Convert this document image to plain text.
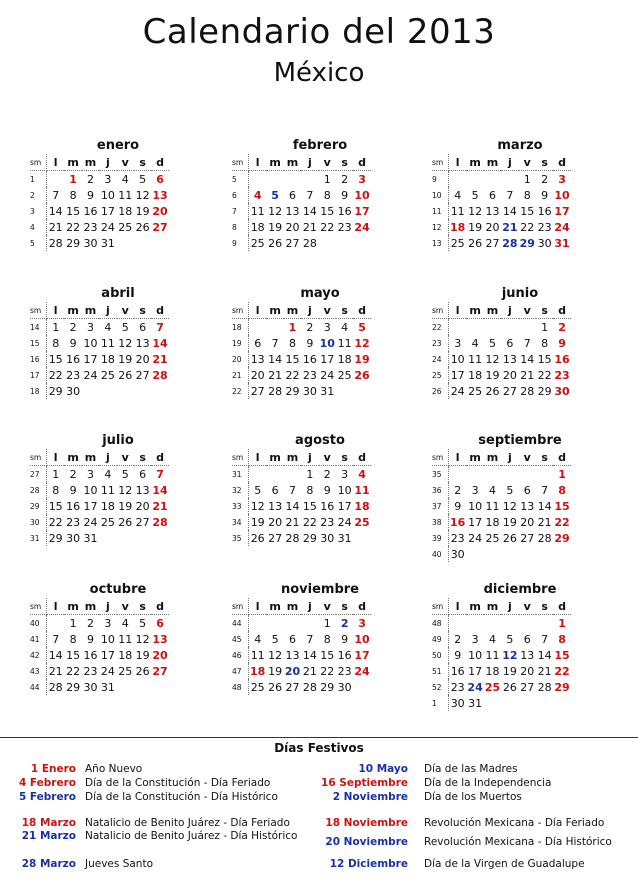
Calendario del 2013
México
enero
sm	l	m	m	j	v	s	d
1		1	2	3	4	5	6
2	7	8	9	10	11	12	13
3	14	15	16	17	18	19	20
4	21	22	23	24	25	26	27
5	28	29	30	31			
febrero
sm	l	m	m	j	v	s	d
5					1	2	3
6	4	5	6	7	8	9	10
7	11	12	13	14	15	16	17
8	18	19	20	21	22	23	24
9	25	26	27	28			
marzo
sm	l	m	m	j	v	s	d
9					1	2	3
10	4	5	6	7	8	9	10
11	11	12	13	14	15	16	17
12	18	19	20	21	22	23	24
13	25	26	27	28	29	30	31
abril
sm	l	m	m	j	v	s	d
14	1	2	3	4	5	6	7
15	8	9	10	11	12	13	14
16	15	16	17	18	19	20	21
17	22	23	24	25	26	27	28
18	29	30					
mayo
sm	l	m	m	j	v	s	d
18			1	2	3	4	5
19	6	7	8	9	10	11	12
20	13	14	15	16	17	18	19
21	20	21	22	23	24	25	26
22	27	28	29	30	31		
junio
sm	l	m	m	j	v	s	d
22						1	2
23	3	4	5	6	7	8	9
24	10	11	12	13	14	15	16
25	17	18	19	20	21	22	23
26	24	25	26	27	28	29	30
julio
sm	l	m	m	j	v	s	d
27	1	2	3	4	5	6	7
28	8	9	10	11	12	13	14
29	15	16	17	18	19	20	21
30	22	23	24	25	26	27	28
31	29	30	31				
agosto
sm	l	m	m	j	v	s	d
31				1	2	3	4
32	5	6	7	8	9	10	11
33	12	13	14	15	16	17	18
34	19	20	21	22	23	24	25
35	26	27	28	29	30	31	
septiembre
sm	l	m	m	j	v	s	d
35							1
36	2	3	4	5	6	7	8
37	9	10	11	12	13	14	15
38	16	17	18	19	20	21	22
39	23	24	25	26	27	28	29
40	30						
octubre
sm	l	m	m	j	v	s	d
40		1	2	3	4	5	6
41	7	8	9	10	11	12	13
42	14	15	16	17	18	19	20
43	21	22	23	24	25	26	27
44	28	29	30	31			
noviembre
sm	l	m	m	j	v	s	d
44					1	2	3
45	4	5	6	7	8	9	10
46	11	12	13	14	15	16	17
47	18	19	20	21	22	23	24
48	25	26	27	28	29	30	
diciembre
sm	l	m	m	j	v	s	d
48							1
49	2	3	4	5	6	7	8
50	9	10	11	12	13	14	15
51	16	17	18	19	20	21	22
52	23	24	25	26	27	28	29
1	30	31					
Días Festivos
1 Enero Año Nuevo
4 Febrero Día de la Constitución - Día Feriado
5 Febrero Día de la Constitución - Día Histórico
18 Marzo Natalicio de Benito Juárez - Día Feriado
21 Marzo Natalicio de Benito Juárez - Día Histórico
28 Marzo Jueves Santo
10 Mayo Día de las Madres
16 Septiembre Día de la Independencia
2 Noviembre Día de los Muertos
18 Noviembre Revolución Mexicana - Día Feriado
20 Noviembre Revolución Mexicana - Día Histórico
12 Diciembre Día de la Virgen de Guadalupe
